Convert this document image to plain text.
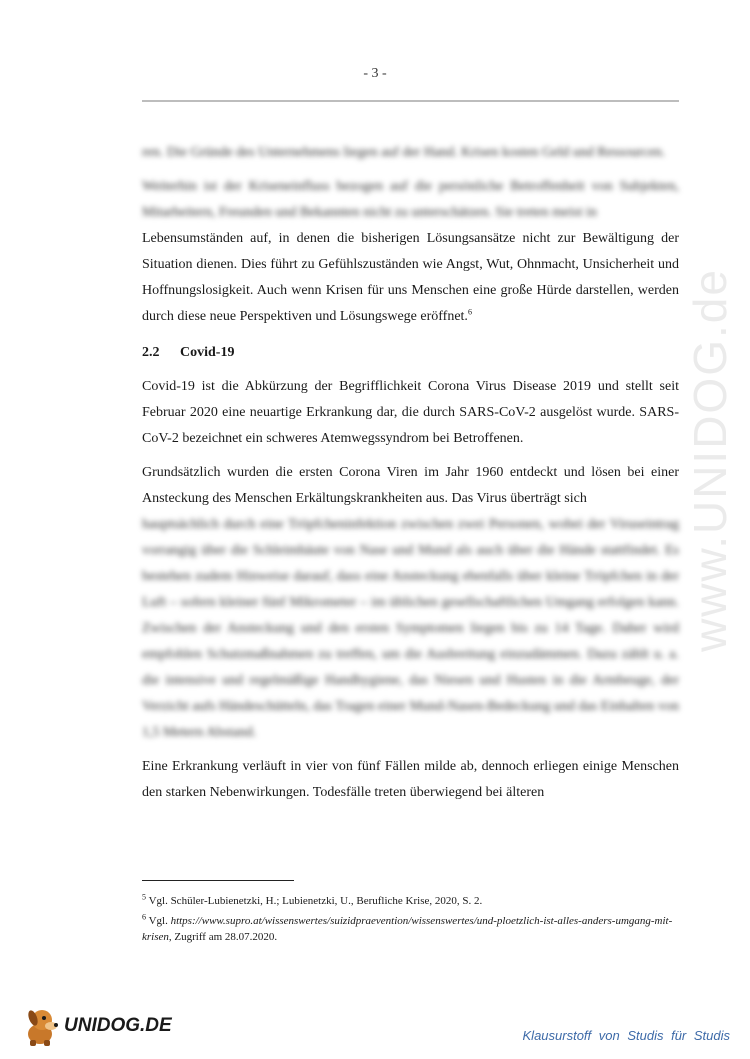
www.UNIDOG.de
- 3 -

ren. Die Gründe des Unternehmens liegen auf der Hand. Krisen kosten Geld und Ressourcen.

Weiterhin ist der Kriseneinfluss bezogen auf die persönliche Betroffenheit von Subjekten, Mitarbeitern, Freunden und Bekannten nicht zu unterschätzen. Sie treten meist in

Lebensumständen auf, in denen die bisherigen Lösungsansätze nicht zur Bewältigung der Situation dienen. Dies führt zu Gefühlszuständen wie Angst, Wut, Ohnmacht, Unsicherheit und Hoffnungslosigkeit. Auch wenn Krisen für uns Menschen eine große Hürde darstellen, werden durch diese neue Perspektiven und Lösungswege eröffnet.$^6$

2.2 Covid-19

Covid-19 ist die Abkürzung der Begrifflichkeit Corona Virus Disease 2019 und stellt seit Februar 2020 eine neuartige Erkrankung dar, die durch SARS-CoV-2 ausgelöst wurde. SARS-CoV-2 bezeichnet ein schweres Atemwegssyndrom bei Betroffenen.

Grundsätzlich wurden die ersten Corona Viren im Jahr 1960 entdeckt und lösen bei einer Ansteckung des Menschen Erkältungskrankheiten aus. Das Virus überträgt sich

hauptsächlich durch eine Tröpfcheninfektion zwischen zwei Personen, wobei der Viruseintrag vorrangig über die Schleimhäute von Nase und Mund als auch über die Hände stattfindet. Es bestehen zudem Hinweise darauf, dass eine Ansteckung ebenfalls über kleine Tröpfchen in der Luft – sofern kleiner fünf Mikrometer – im üblichen gesellschaftlichen Umgang erfolgen kann. Zwischen der Ansteckung und den ersten Symptomen liegen bis zu 14 Tage. Daher wird empfohlen Schutzmaßnahmen zu treffen, um die Ausbreitung einzudämmen. Dazu zählt u. a. die intensive und regelmäßige Handhygiene, das Niesen und Husten in die Armbeuge, der Verzicht aufs Händeschütteln, das Tragen einer Mund-Nasen-Bedeckung und das Einhalten von 1,5 Metern Abstand.

Eine Erkrankung verläuft in vier von fünf Fällen milde ab, dennoch erliegen einige Menschen den starken Nebenwirkungen. Todesfälle treten überwiegend bei älteren

$^5$ Vgl. Schüler-Lubienetzki, H.; Lubienetzki, U., Berufliche Krise, 2020, S. 2.
$^6$ Vgl. https://www.supro.at/wissenswertes/suizidpraevention/wissenswertes/und-ploetzlich-ist-alles-anders-umgang-mit-krisen, Zugriff am 28.07.2020.
UNIDOG.DE	Klausurstoff von Studis für Studis
